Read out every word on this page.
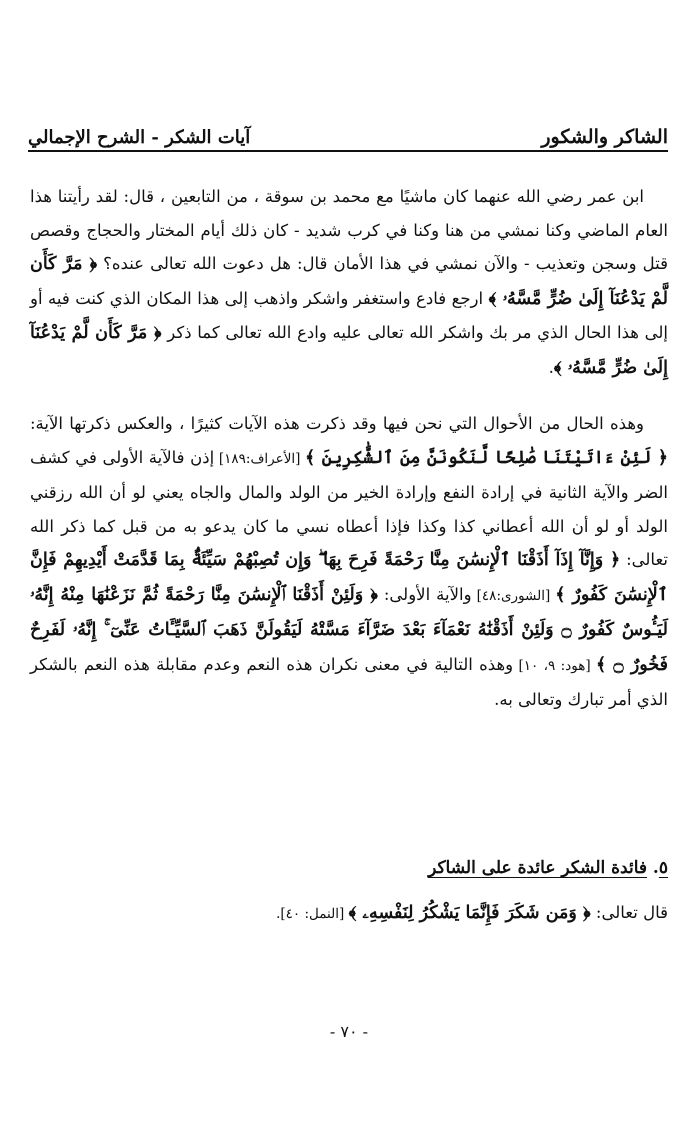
الشاكر والشكور
آيات الشكر - الشرح الإجمالي

ابن عمر رضي الله عنهما كان ماشيًا مع محمد بن سوقة ، من التابعين ، قال: لقد رأيتنا هذا العام الماضي وكنا نمشي من هنا وكنا في كرب شديد - كان ذلك أيام المختار والحجاج وقصص قتل وسجن وتعذيب - والآن نمشي في هذا الأمان قال: هل دعوت الله تعالى عنده؟ ﴿ مَرَّ كَأَن لَّمْ يَدْعُنَآ إِلَىٰ ضُرٍّ مَّسَّهُۥ ﴾ ارجع فادع واستغفر واشكر واذهب إلى هذا المكان الذي كنت فيه أو إلى هذا الحال الذي مر بك واشكر الله تعالى عليه وادع الله تعالى كما ذكر ﴿ مَرَّ كَأَن لَّمْ يَدْعُنَآ إِلَىٰ ضُرٍّ مَّسَّهُۥ ﴾.

وهذه الحال من الأحوال التي نحن فيها وقد ذكرت هذه الآيات كثيرًا ، والعكس ذكرتها الآية: ﴿ لَئِنْ ءَاتَيْتَنَا صَٰلِحًا لَّنَكُونَنَّ مِنَ ٱلشَّٰكِرِينَ ﴾ [الأعراف:١٨٩] إذن فالآية الأولى في كشف الضر والآية الثانية في إرادة النفع وإرادة الخير من الولد والمال والجاه يعني لو أن الله رزقني الولد أو لو أن الله أعطاني كذا وكذا فإذا أعطاه نسي ما كان يدعو به من قبل كما ذكر الله تعالى: ﴿ وَإِنَّآ إِذَآ أَذَقْنَا ٱلْإِنسَٰنَ مِنَّا رَحْمَةً فَرِحَ بِهَا ۖ وَإِن تُصِبْهُمْ سَيِّئَةٌۢ بِمَا قَدَّمَتْ أَيْدِيهِمْ فَإِنَّ ٱلْإِنسَٰنَ كَفُورٌ ﴾ [الشورى:٤٨] والآية الأولى: ﴿ وَلَئِنْ أَذَقْنَا ٱلْإِنسَٰنَ مِنَّا رَحْمَةً ثُمَّ نَزَعْنَٰهَا مِنْهُ إِنَّهُۥ لَيَـُٔوسٌ كَفُورٌ ۝ وَلَئِنْ أَذَقْنَٰهُ نَعْمَآءَ بَعْدَ ضَرَّآءَ مَسَّتْهُ لَيَقُولَنَّ ذَهَبَ ٱلسَّيِّـَٔاتُ عَنِّىٓ ۚ إِنَّهُۥ لَفَرِحٌ فَخُورٌ ۝ ﴾ [هود: ٩، ١٠] وهذه التالية في معنى نكران هذه النعم وعدم مقابلة هذه النعم بالشكر الذي أمر تبارك وتعالى به.

٥. فائدة الشكر عائدة على الشاكر
قال تعالى: ﴿ وَمَن شَكَرَ فَإِنَّمَا يَشْكُرُ لِنَفْسِهِۦ ﴾ [النمل: ٤٠].
- ٧٠ -
